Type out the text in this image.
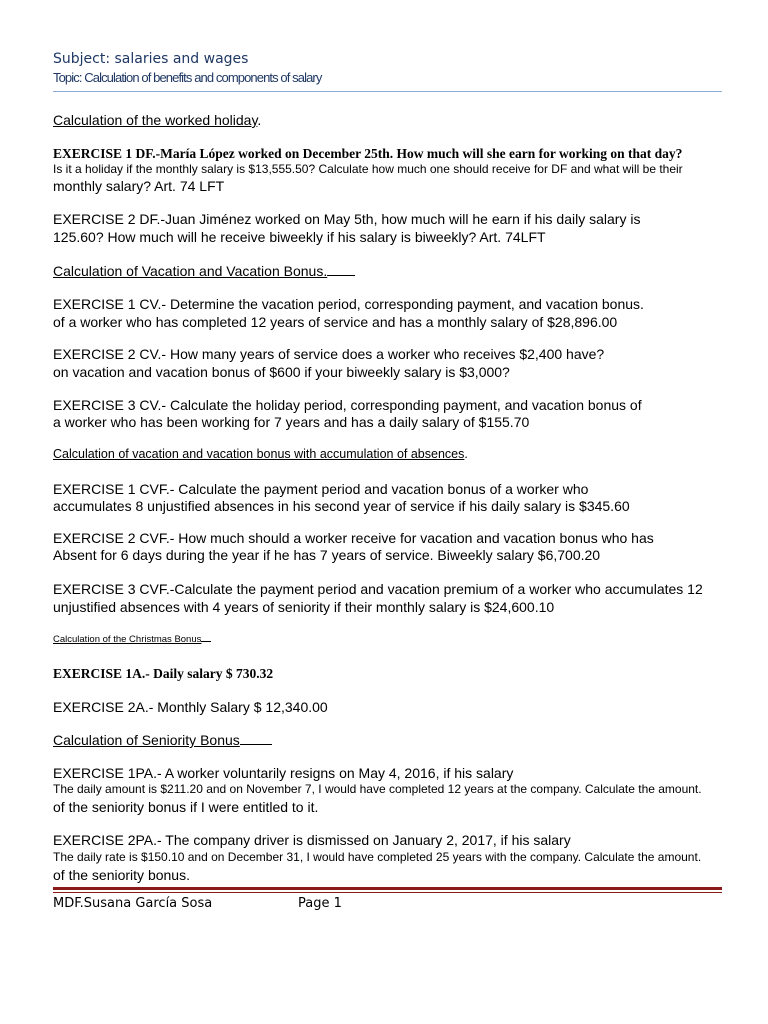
Subject: salaries and wages
Topic: Calculation of benefits and components of salary
Calculation of the worked holiday.
EXERCISE 1 DF.-María López worked on December 25th. How much will she earn for working on that day?
Is it a holiday if the monthly salary is $13,555.50? Calculate how much one should receive for DF and what will be their
monthly salary? Art. 74 LFT
EXERCISE 2 DF.-Juan Jiménez worked on May 5th, how much will he earn if his daily salary is
125.60? How much will he receive biweekly if his salary is biweekly? Art. 74LFT
Calculation of Vacation and Vacation Bonus.
EXERCISE 1 CV.- Determine the vacation period, corresponding payment, and vacation bonus.
of a worker who has completed 12 years of service and has a monthly salary of $28,896.00
EXERCISE 2 CV.- How many years of service does a worker who receives $2,400 have?
on vacation and vacation bonus of $600 if your biweekly salary is $3,000?
EXERCISE 3 CV.- Calculate the holiday period, corresponding payment, and vacation bonus of
a worker who has been working for 7 years and has a daily salary of $155.70
Calculation of vacation and vacation bonus with accumulation of absences.
EXERCISE 1 CVF.- Calculate the payment period and vacation bonus of a worker who
accumulates 8 unjustified absences in his second year of service if his daily salary is $345.60
EXERCISE 2 CVF.- How much should a worker receive for vacation and vacation bonus who has
Absent for 6 days during the year if he has 7 years of service. Biweekly salary $6,700.20
EXERCISE 3 CVF.-Calculate the payment period and vacation premium of a worker who accumulates 12
unjustified absences with 4 years of seniority if their monthly salary is $24,600.10
Calculation of the Christmas Bonus
EXERCISE 1A.- Daily salary $ 730.32
EXERCISE 2A.- Monthly Salary $ 12,340.00
Calculation of Seniority Bonus
EXERCISE 1PA.- A worker voluntarily resigns on May 4, 2016, if his salary
The daily amount is $211.20 and on November 7, I would have completed 12 years at the company. Calculate the amount.
of the seniority bonus if I were entitled to it.
EXERCISE 2PA.- The company driver is dismissed on January 2, 2017, if his salary
The daily rate is $150.10 and on December 31, I would have completed 25 years with the company. Calculate the amount.
of the seniority bonus.
MDF.Susana García Sosa	Page 1
